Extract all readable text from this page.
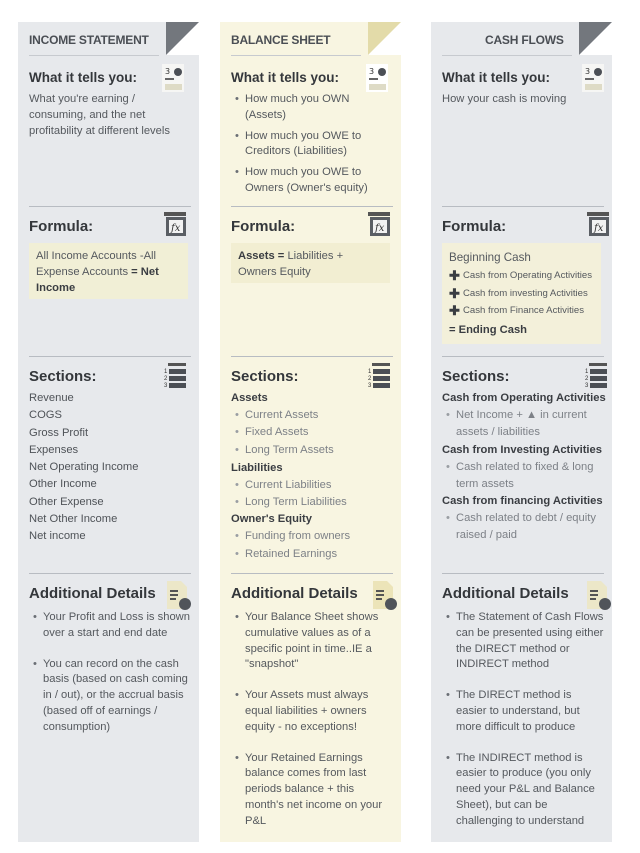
INCOME STATEMENT
What it tells you:	3
What you're earning / consuming, and the net profitability at different levels
Formula:	fx
All Income Accounts -All Expense Accounts = Net Income
Sections:	1
2
3
Revenue
COGS
Gross Profit
Expenses
Net Operating Income
Other Income
Other Expense
Net Other Income
Net income
Additional Details
• Your Profit and Loss is shown over a start and end date
• You can record on the cash basis (based on cash coming in / out), or the accrual basis (based off of earnings / consumption)
BALANCE SHEET
What it tells you:	3
• How much you OWN (Assets)
• How much you OWE to Creditors (Liabilities)
• How much you OWE to Owners (Owner's equity)
Formula:	fx
Assets = Liabilities + Owners Equity
Sections:	1
2
3
Assets
• Current Assets
• Fixed Assets
• Long Term Assets
Liabilities
• Current Liabilities
• Long Term Liabilities
Owner's Equity
• Funding from owners
• Retained Earnings
Additional Details
• Your Balance Sheet shows cumulative values as of a specific point in time..IE a "snapshot"
• Your Assets must always equal liabilities + owners equity - no exceptions!
• Your Retained Earnings balance comes from last periods balance + this month's net income on your P&L
CASH FLOWS
What it tells you:	3
How your cash is moving
Formula:	fx
Beginning Cash
✚ Cash from Operating Activities
✚ Cash from investing Activities
✚ Cash from Finance Activities
= Ending Cash
Sections:	1
2
3
Cash from Operating Activities
• Net Income + ▲ in current assets / liabilities
Cash from Investing Activities
• Cash related to fixed & long term assets
Cash from financing Activities
• Cash related to debt / equity raised / paid
Additional Details
• The Statement of Cash Flows can be presented using either the DIRECT method or INDIRECT method
• The DIRECT method is easier to understand, but more difficult to produce
• The INDIRECT method is easier to produce (you only need your P&L and Balance Sheet), but can be challenging to understand
